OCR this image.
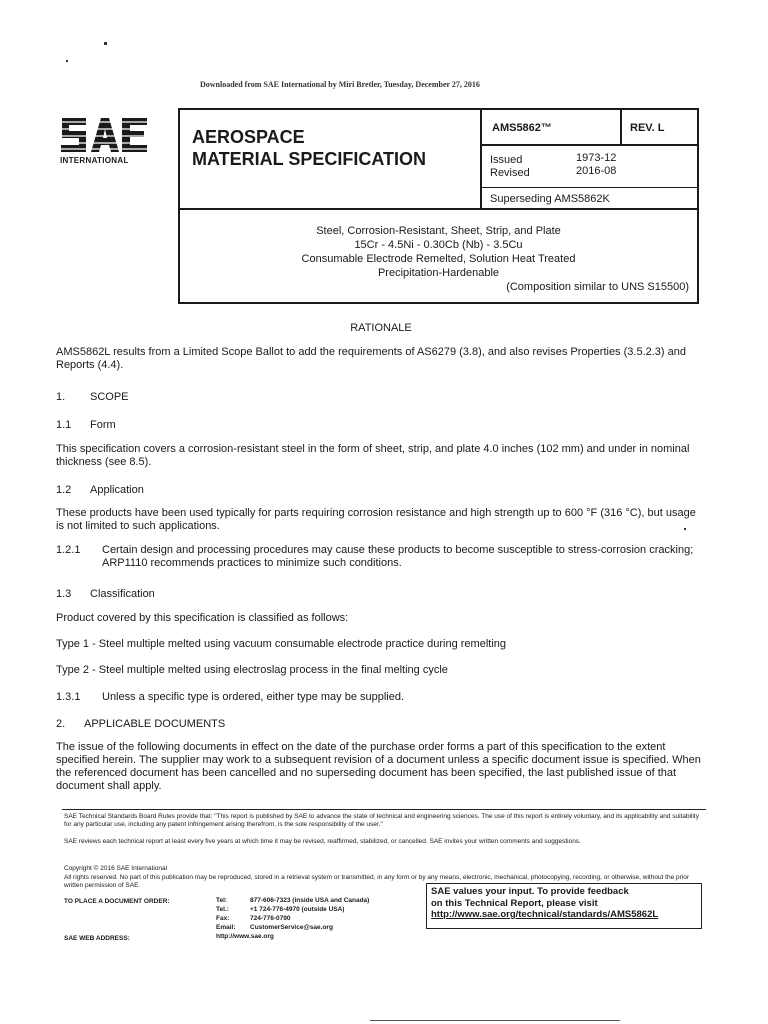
Downloaded from SAE International by Miri Bretler, Tuesday, December 27, 2016
INTERNATIONAL
AEROSPACE
MATERIAL SPECIFICATION
AMS5862™	REV. L
Issued	1973-12
Revised	2016-08
Superseding AMS5862K
Steel, Corrosion-Resistant, Sheet, Strip, and Plate
15Cr - 4.5Ni - 0.30Cb (Nb) - 3.5Cu
Consumable Electrode Remelted, Solution Heat Treated
Precipitation-Hardenable
(Composition similar to UNS S15500)
RATIONALE
AMS5862L results from a Limited Scope Ballot to add the requirements of AS6279 (3.8), and also revises Properties (3.5.2.3) and Reports (4.4).
1. SCOPE
1.1 Form
This specification covers a corrosion-resistant steel in the form of sheet, strip, and plate 4.0 inches (102 mm) and under in nominal thickness (see 8.5).
1.2 Application
These products have been used typically for parts requiring corrosion resistance and high strength up to 600 °F (316 °C), but usage is not limited to such applications.
1.2.1	Certain design and processing procedures may cause these products to become susceptible to stress-corrosion cracking; ARP1110 recommends practices to minimize such conditions.
1.3 Classification
Product covered by this specification is classified as follows:
Type 1 - Steel multiple melted using vacuum consumable electrode practice during remelting
Type 2 - Steel multiple melted using electroslag process in the final melting cycle
1.3.1 Unless a specific type is ordered, either type may be supplied.
2. APPLICABLE DOCUMENTS
The issue of the following documents in effect on the date of the purchase order forms a part of this specification to the extent specified herein. The supplier may work to a subsequent revision of a document unless a specific document issue is specified. When the referenced document has been cancelled and no superseding document has been specified, the last published issue of that document shall apply.
SAE Technical Standards Board Rules provide that: "This report is published by SAE to advance the state of technical and engineering sciences. The use of this report is entirely voluntary, and its applicability and suitability for any particular use, including any patent infringement arising therefrom, is the sole responsibility of the user."
SAE reviews each technical report at least every five years at which time it may be revised, reaffirmed, stabilized, or cancelled. SAE invites your written comments and suggestions.
Copyright © 2016 SAE International
All rights reserved. No part of this publication may be reproduced, stored in a retrieval system or transmitted, in any form or by any means, electronic, mechanical, photocopying, recording, or otherwise, without the prior written permission of SAE.
TO PLACE A DOCUMENT ORDER:	Tel:	877-606-7323 (inside USA and Canada)
Tel.:	+1 724-776-4970 (outside USA)
Fax:	724-776-0790
Email: CustomerService@sae.org
SAE WEB ADDRESS:	http://www.sae.org
SAE values your input. To provide feedback
on this Technical Report, please visit
http://www.sae.org/technical/standards/AMS5862L
